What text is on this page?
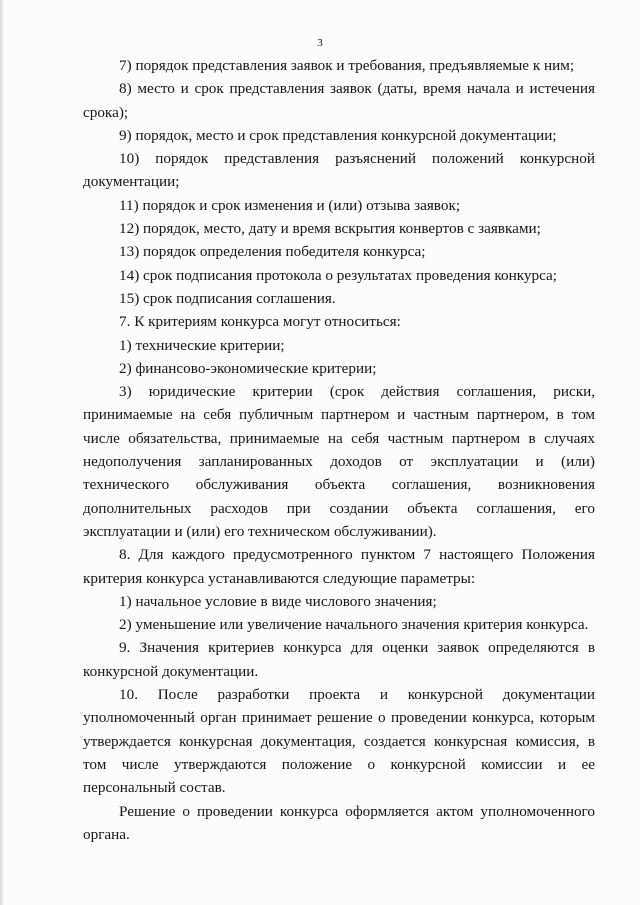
3

7) порядок представления заявок и требования, предъявляемые к ним;

8) место и срок представления заявок (даты, время начала и истечения срока);

9) порядок, место и срок представления конкурсной документации;

10) порядок представления разъяснений положений конкурсной документации;

11) порядок и срок изменения и (или) отзыва заявок;

12) порядок, место, дату и время вскрытия конвертов с заявками;

13) порядок определения победителя конкурса;

14) срок подписания протокола о результатах проведения конкурса;

15) срок подписания соглашения.

7. К критериям конкурса могут относиться:

1) технические критерии;

2) финансово-экономические критерии;

3) юридические критерии (срок действия соглашения, риски, принимаемые на себя публичным партнером и частным партнером, в том числе обязательства, принимаемые на себя частным партнером в случаях недополучения запланированных доходов от эксплуатации и (или) технического обслуживания объекта соглашения, возникновения дополнительных расходов при создании объекта соглашения, его эксплуатации и (или) его техническом обслуживании).

8. Для каждого предусмотренного пунктом 7 настоящего Положения критерия конкурса устанавливаются следующие параметры:

1) начальное условие в виде числового значения;

2) уменьшение или увеличение начального значения критерия конкурса.

9. Значения критериев конкурса для оценки заявок определяются в конкурсной документации.

10. После разработки проекта и конкурсной документации уполномоченный орган принимает решение о проведении конкурса, которым утверждается конкурсная документация, создается конкурсная комиссия, в том числе утверждаются положение о конкурсной комиссии и ее персональный состав.

Решение о проведении конкурса оформляется актом уполномоченного органа.
